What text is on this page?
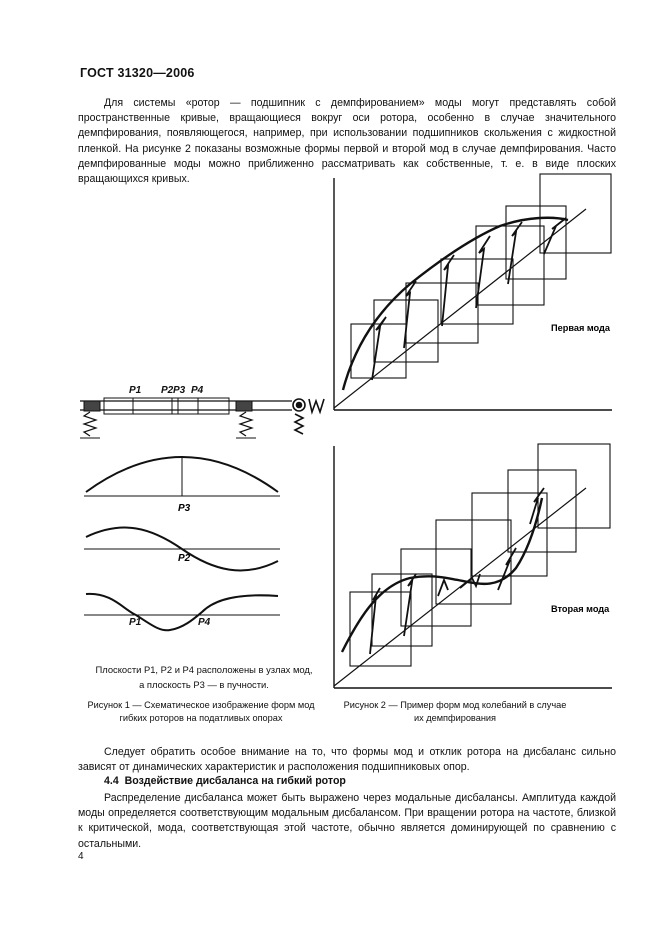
ГОСТ 31320—2006

Для системы «ротор — подшипник с демпфированием» моды могут представлять собой пространственные кривые, вращающиеся вокруг оси ротора, особенно в случае значительного демпфирования, появляющегося, например, при использовании подшипников скольжения с жидкостной пленкой. На рисунке 2 показаны возможные формы первой и второй мод в случае демпфирования. Часто демпфированные моды можно приближенно рассматривать как собственные, т. е. в виде плоских вращающихся кривых.

P1 P2 P3 P4
P3
P2
P1	P4
Первая мода
Вторая мода
Плоскости P1, P2 и P4 расположены в узлах мод,
а плоскость P3 — в пучности.
Рисунок 1 — Схематическое изображение форм мод
гибких роторов на податливых опорах
Рисунок 2 — Пример форм мод колебаний в случае
их демпфирования

Следует обратить особое внимание на то, что формы мод и отклик ротора на дисбаланс сильно зависят от динамических характеристик и расположения подшипниковых опор.

4.4 Воздействие дисбаланса на гибкий ротор

Распределение дисбаланса может быть выражено через модальные дисбалансы. Амплитуда каждой моды определяется соответствующим модальным дисбалансом. При вращении ротора на частоте, близкой к критической, мода, соответствующая этой частоте, обычно является доминирующей по сравнению с остальными.

4
